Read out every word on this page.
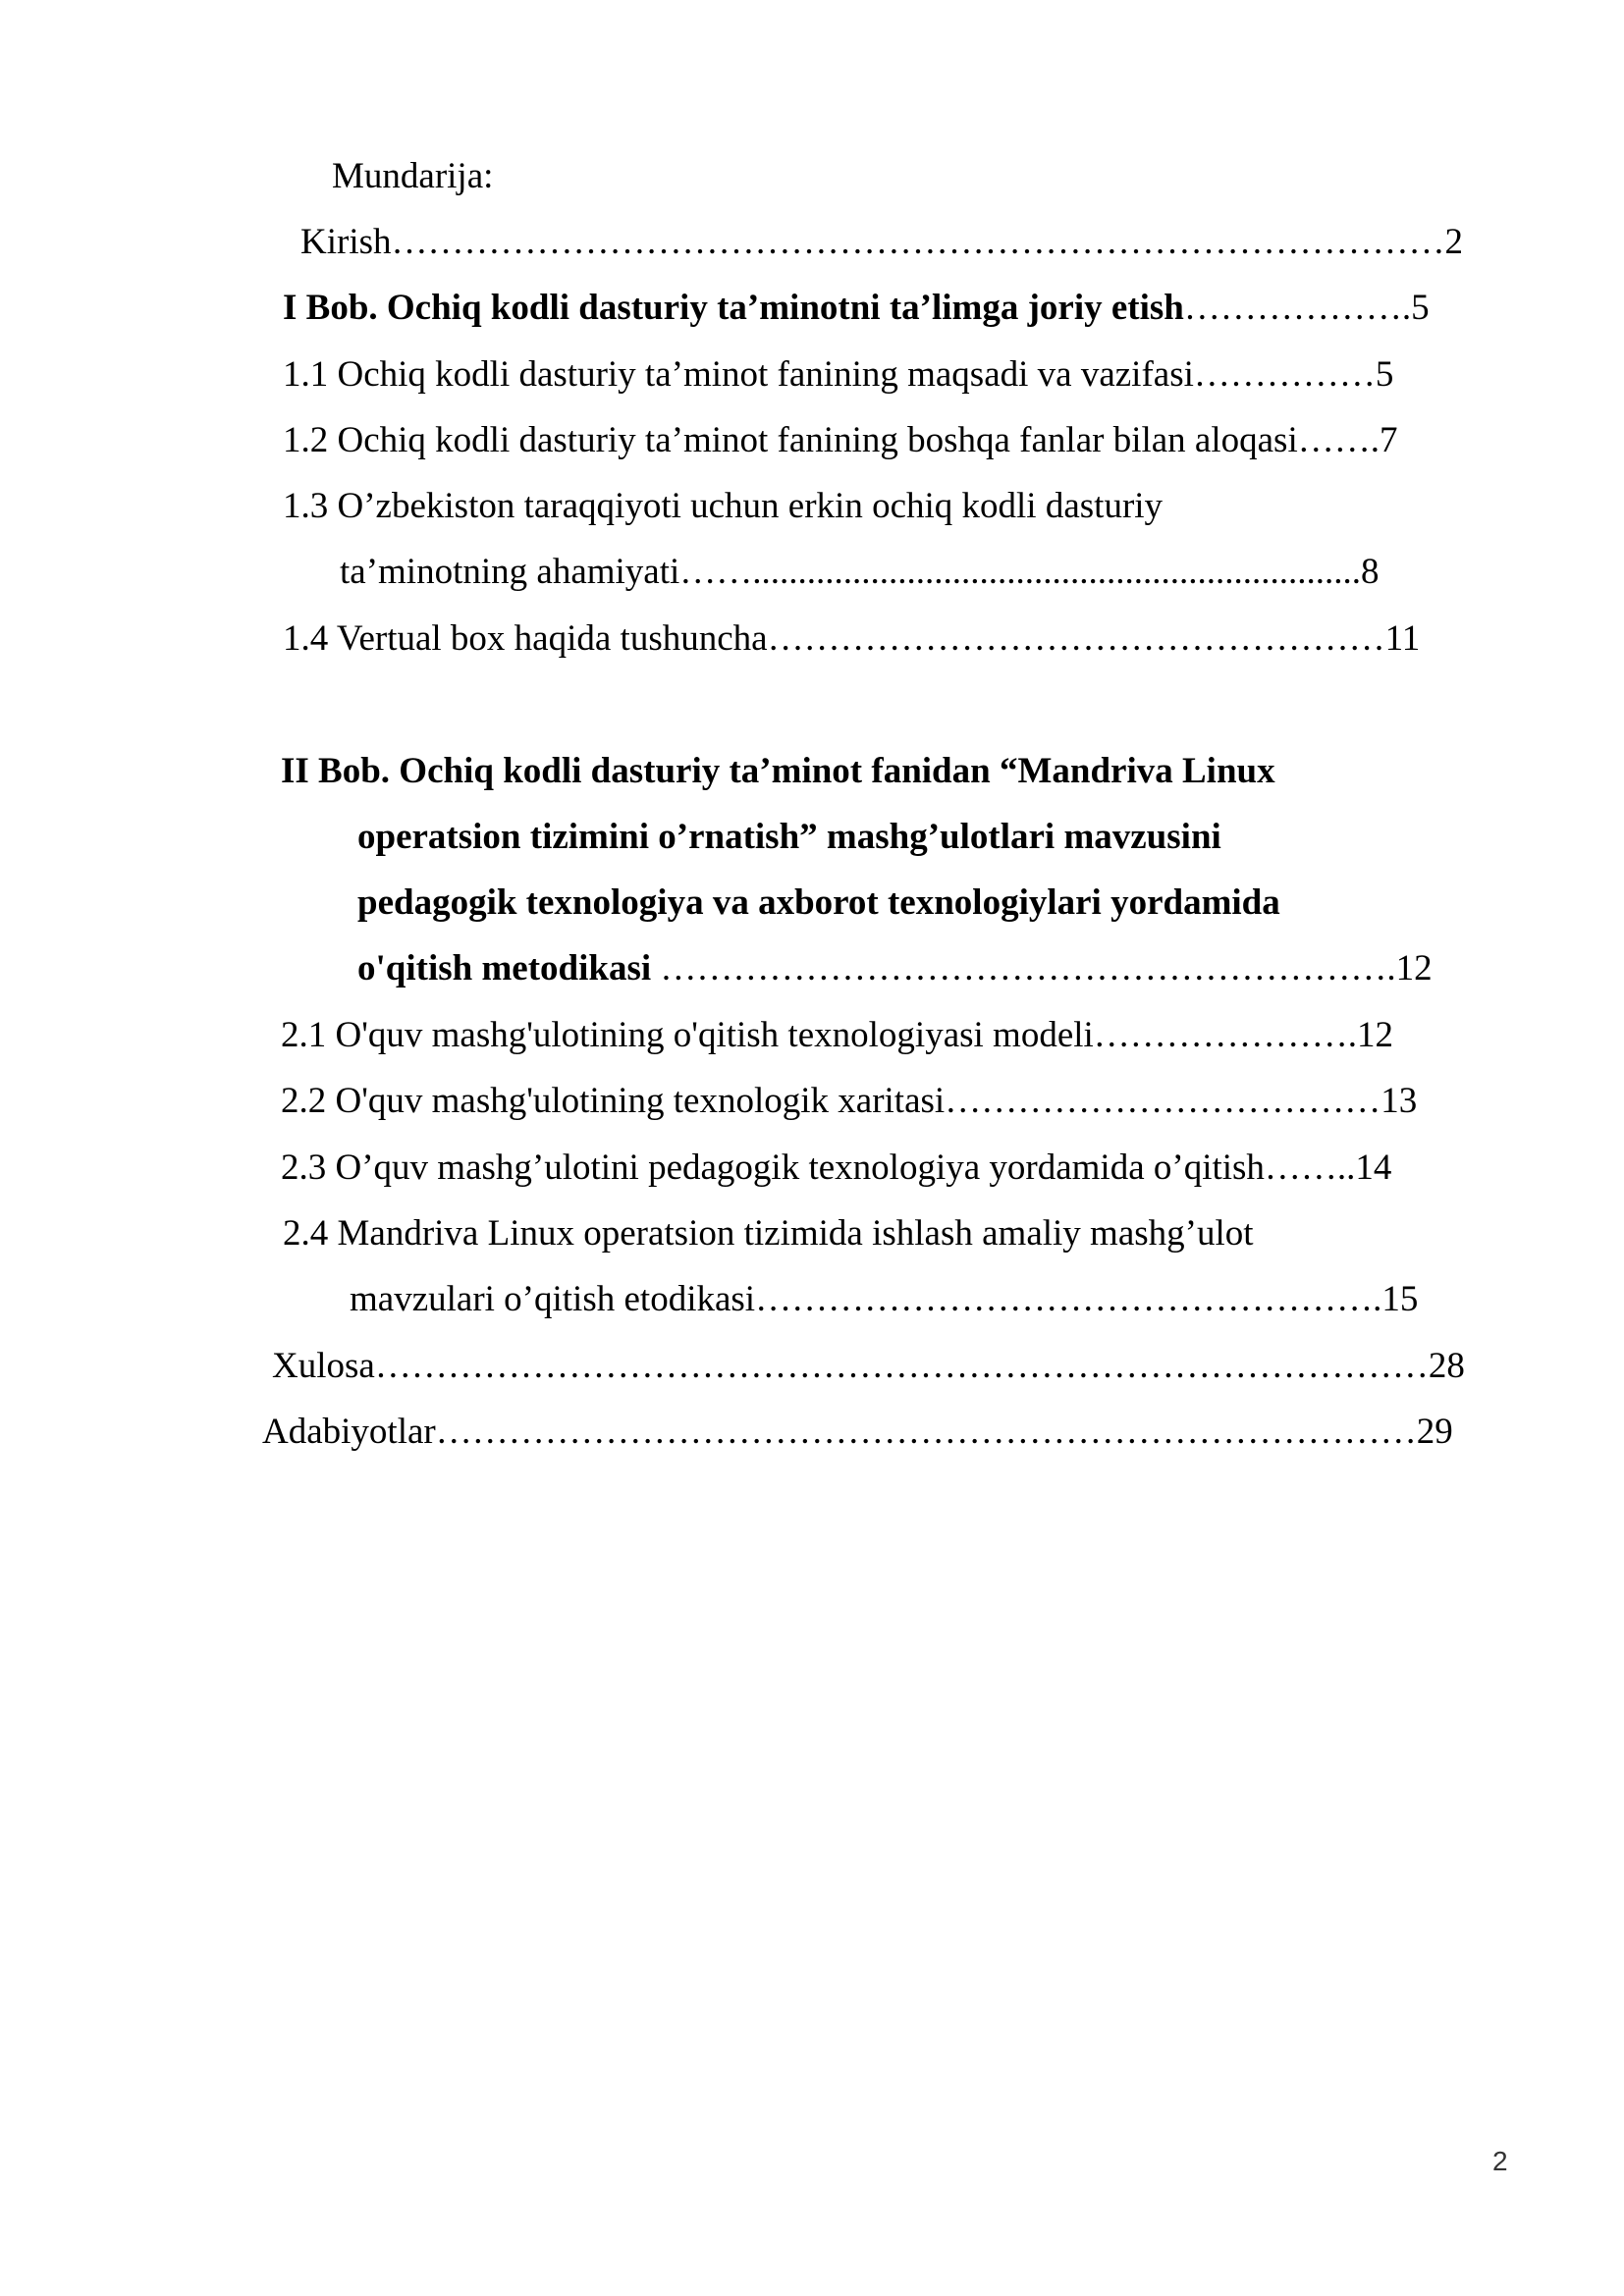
Mundarija:
Kirish……………………………………………………………………………2
I Bob. Ochiq kodli dasturiy ta’minotni ta’limga joriy etish……………….5
1.1 Ochiq kodli dasturiy ta’minot fanining maqsadi va vazifasi……………5
1.2 Ochiq kodli dasturiy ta’minot fanining boshqa fanlar bilan aloqasi…….7
1.3 O’zbekiston taraqqiyoti uchun erkin ochiq kodli dasturiy
ta’minotning ahamiyati……...................................................................8
1.4 Vertual box haqida tushuncha……………………………………………11
II Bob. Ochiq kodli dasturiy ta’minot fanidan “Mandriva Linux
operatsion tizimini o’rnatish” mashg’ulotlari mavzusini
pedagogik texnologiya va axborot texnologiylari yordamida
o'qitish metodikasi …………………………………………………….12
2.1 O'quv mashg'ulotining o'qitish texnologiyasi modeli………………….12
2.2 O'quv mashg'ulotining texnologik xaritasi………………………………13
2.3 O’quv mashg’ulotini pedagogik texnologiya yordamida o’qitish……..14
2.4 Mandriva Linux operatsion tizimida ishlash amaliy mashg’ulot
mavzulari o’qitish etodikasi…………………………………………….15
Xulosa……………………………………………………………………………28
Adabiyotlar………………………………………………………………………29
2
